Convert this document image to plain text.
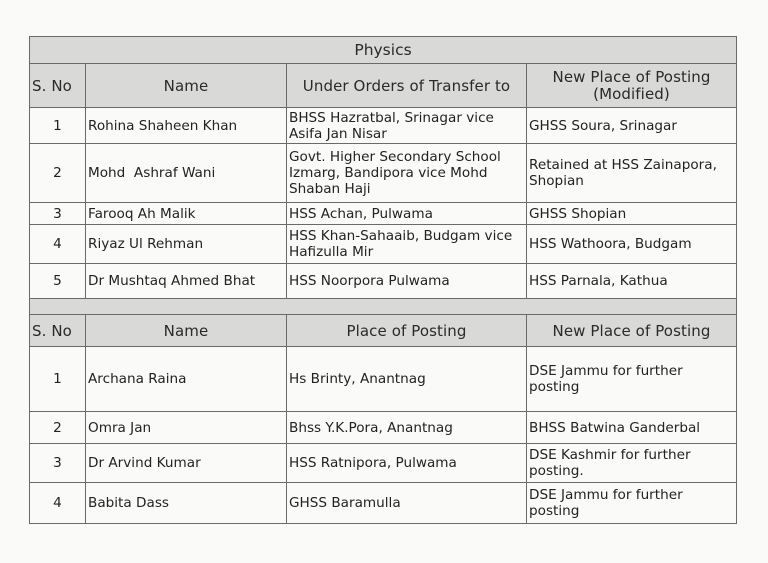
Physics			
S. No	Name	Under Orders of Transfer to	New Place of Posting
(Modified)
1	Rohina Shaheen Khan	BHSS Hazratbal, Srinagar vice Asifa Jan Nisar	GHSS Soura, Srinagar
2	Mohd  Ashraf Wani	Govt. Higher Secondary School Izmarg, Bandipora vice Mohd Shaban Haji	Retained at HSS Zainapora, Shopian
3	Farooq Ah Malik	HSS Achan, Pulwama	GHSS Shopian
4	Riyaz Ul Rehman	HSS Khan-Sahaaib, Budgam vice Hafizulla Mir	HSS Wathoora, Budgam
5	Dr Mushtaq Ahmed Bhat	HSS Noorpora Pulwama	HSS Parnala, Kathua

S. No	Name	Place of Posting	New Place of Posting
1	Archana Raina	Hs Brinty, Anantnag	DSE Jammu for further posting
2	Omra Jan	Bhss Y.K.Pora, Anantnag	BHSS Batwina Ganderbal
3	Dr Arvind Kumar	HSS Ratnipora, Pulwama	DSE Kashmir for further posting.
4	Babita Dass	GHSS Baramulla	DSE Jammu for further posting
